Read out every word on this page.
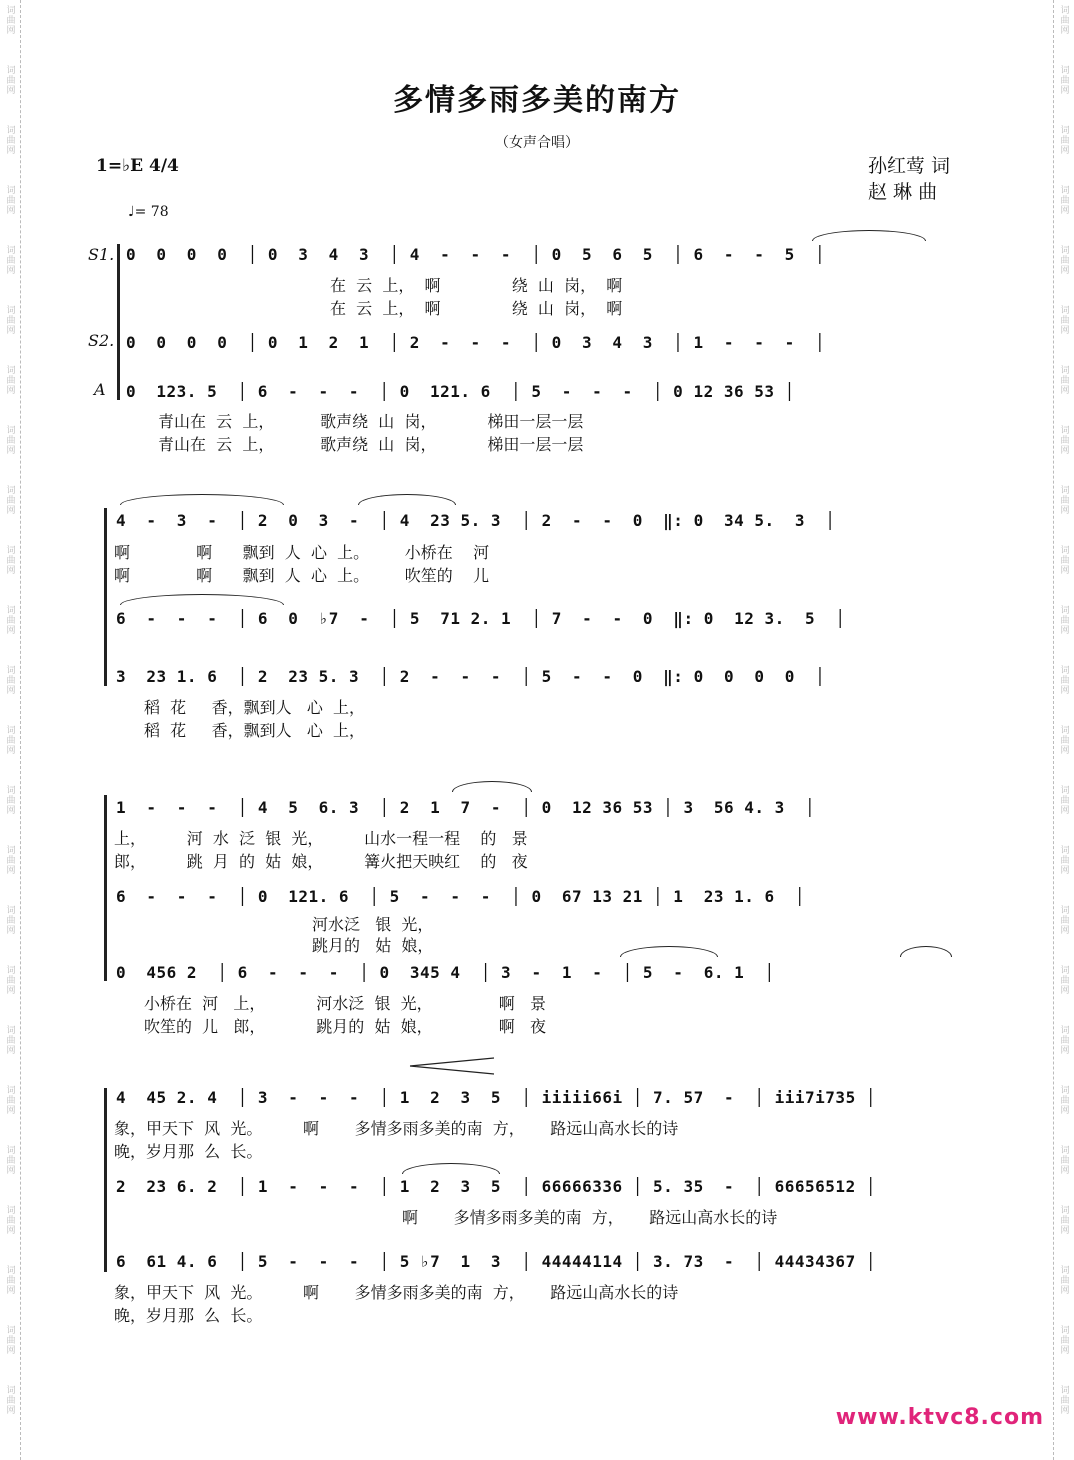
多情多雨多美的南方
（女声合唱）
孙红莺 词
赵 琳 曲
1=♭E 4/4
♩= 78
S1.
S2.
A
0  0  0  0  │ 0  3  4  3  │ 4  -  -  -  │ 0  5  6  5  │ 6  -  -  5  │
在  云  上，  啊              绕  山  岗，  啊
在  云  上，  啊              绕  山  岗，  啊
0  0  0  0  │ 0  1  2  1  │ 2  -  -  -  │ 0  3  4  3  │ 1  -  -  -  │
0  123. 5  │ 6  -  -  -  │ 0  121. 6  │ 5  -  -  -  │ 0 12 36 53 │
青山在  云  上，         歌声绕  山  岗，          梯田一层一层
青山在  云  上，         歌声绕  山  岗，          梯田一层一层
4  -  3  -  │ 2  0  3  -  │ 4  23 5. 3  │ 2  -  -  0  ‖: 0  34 5.  3  │
啊             啊      飘到  人  心  上。       小桥在    河
啊             啊      飘到  人  心  上。       吹笙的    儿
6  -  -  -  │ 6  0  ♭7  -  │ 5  71 2. 1  │ 7  -  -  0  ‖: 0  12 3.  5  │
3  23 1. 6  │ 2  23 5. 3  │ 2  -  -  -  │ 5  -  -  0  ‖: 0  0  0  0  │
稻  花     香，飘到人   心  上，
稻  花     香，飘到人   心  上，
1  -  -  -  │ 4  5  6. 3  │ 2  1  7  -  │ 0  12 36 53 │ 3  56 4. 3  │
上，        河  水  泛  银  光，        山水一程一程    的   景
郎，        跳  月  的  姑  娘，        篝火把天映红    的   夜
6  -  -  -  │ 0  121. 6  │ 5  -  -  -  │ 0  67 13 21 │ 1  23 1. 6  │
河水泛   银  光，
跳月的   姑  娘，
0  456 2  │ 6  -  -  -  │ 0  345 4  │ 3  -  1  -  │ 5  -  6. 1  │
小桥在  河   上，          河水泛  银  光，             啊   景
吹笙的  儿   郎，          跳月的  姑  娘，             啊   夜
4  45 2. 4  │ 3  -  -  -  │ 1  2  3  5  │ iiiii66i │ 7. 57  -  │ iii7i735 │
象，甲天下  风  光。        啊       多情多雨多美的南  方，     路远山高水长的诗
晚，岁月那  么  长。
2  23 6. 2  │ 1  -  -  -  │ 1  2  3  5  │ 66666336 │ 5. 35  -  │ 66656512 │
啊       多情多雨多美的南  方，     路远山高水长的诗
6  61 4. 6  │ 5  -  -  -  │ 5 ♭7  1  3  │ 44444114 │ 3. 73  -  │ 44434367 │
象，甲天下  风  光。        啊       多情多雨多美的南  方，     路远山高水长的诗
晚，岁月那  么  长。
www.ktvc8.com
词
曲
网
词
曲
网
词
曲
网
词
曲
网
词
曲
网
词
曲
网
词
曲
网
词
曲
网
词
曲
网
词
曲
网
词
曲
网
词
曲
网
词
曲
网
词
曲
网
词
曲
网
词
曲
网
词
曲
网
词
曲
网
词
曲
网
词
曲
网
词
曲
网
词
曲
网
词
曲
网
词
曲
网
词
曲
网
词
曲
网
词
曲
网
词
曲
网
词
曲
网
词
曲
网
词
曲
网
词
曲
网
词
曲
网
词
曲
网
词
曲
网
词
曲
网
词
曲
网
词
曲
网
词
曲
网
词
曲
网
词
曲
网
词
曲
网
词
曲
网
词
曲
网
词
曲
网
词
曲
网
词
曲
网
词
曲
网
